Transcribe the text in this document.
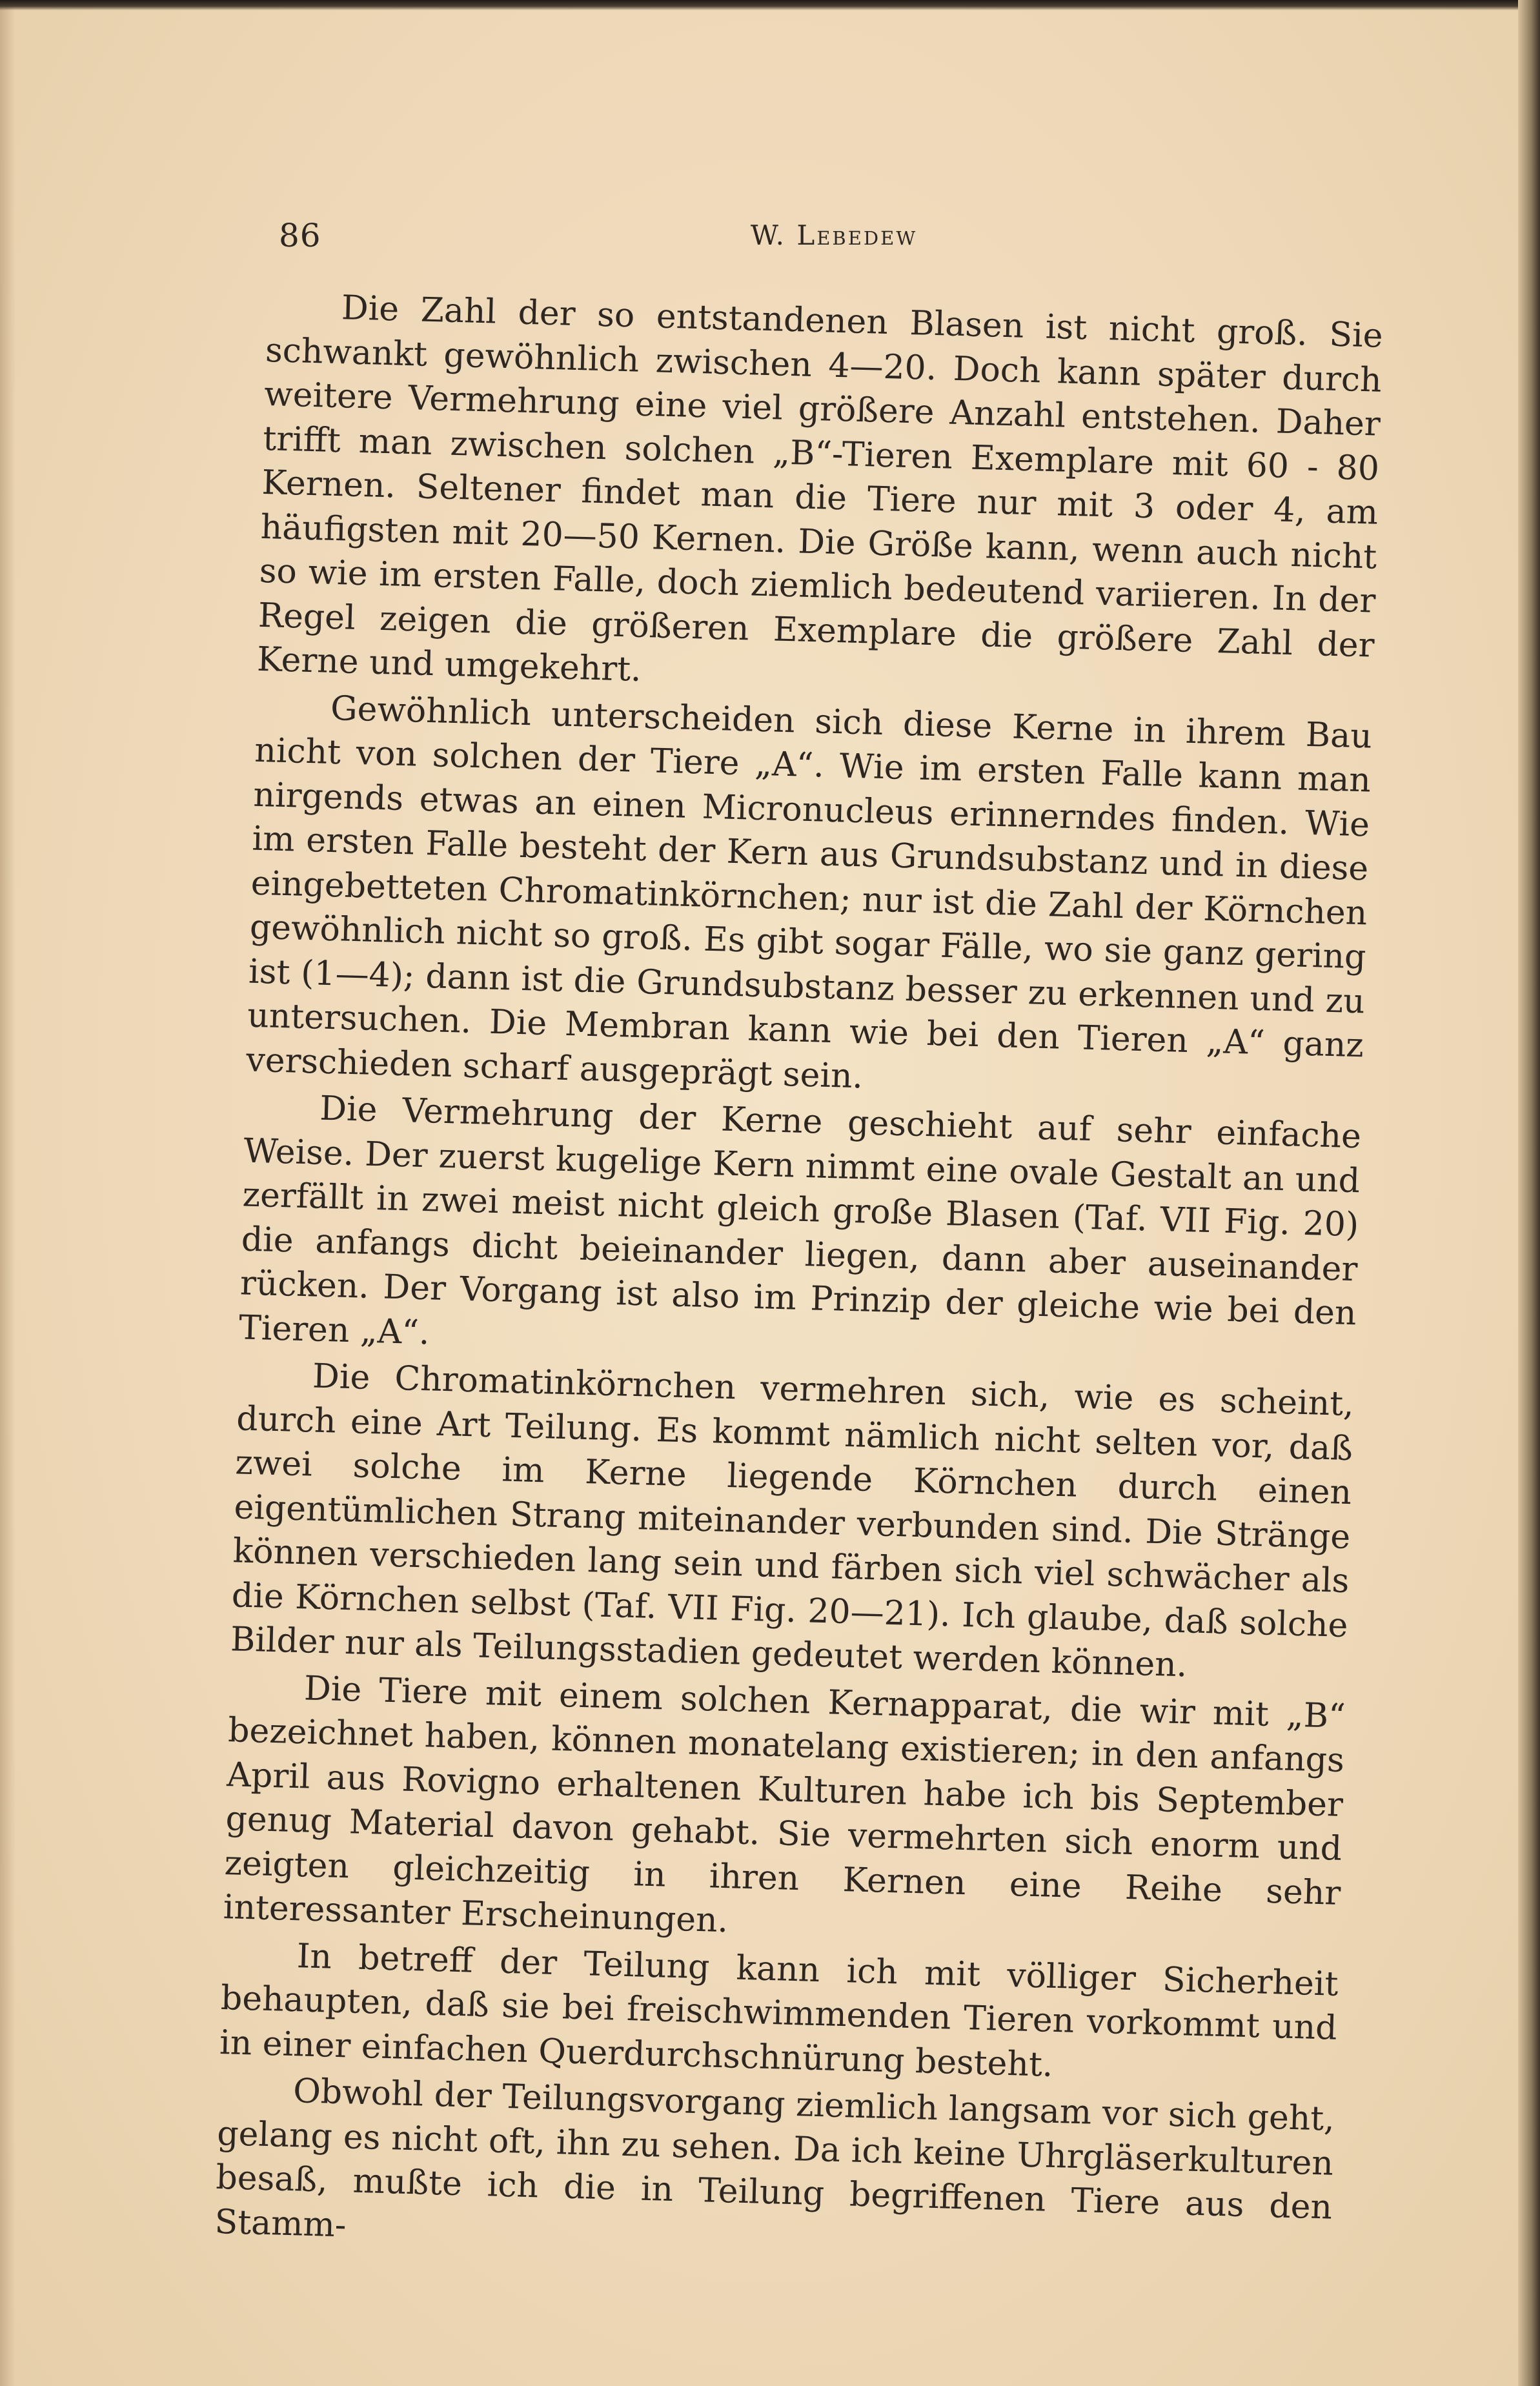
86	W. Lebedew

Die Zahl der so entstandenen Blasen ist nicht groß. Sie schwankt gewöhnlich zwischen 4—20. Doch kann später durch weitere Vermehrung eine viel größere Anzahl entstehen. Daher trifft man zwischen solchen „B“-Tieren Exemplare mit 60 - 80 Kernen. Seltener findet man die Tiere nur mit 3 oder 4, am häufigsten mit 20—50 Kernen. Die Größe kann, wenn auch nicht so wie im ersten Falle, doch ziemlich bedeutend variieren. In der Regel zeigen die größeren Exemplare die größere Zahl der Kerne und umgekehrt.

Gewöhnlich unterscheiden sich diese Kerne in ihrem Bau nicht von solchen der Tiere „A“. Wie im ersten Falle kann man nirgends etwas an einen Micronucleus erinnerndes finden. Wie im ersten Falle besteht der Kern aus Grundsubstanz und in diese eingebetteten Chromatinkörnchen; nur ist die Zahl der Körnchen gewöhnlich nicht so groß. Es gibt sogar Fälle, wo sie ganz gering ist (1—4); dann ist die Grundsubstanz besser zu erkennen und zu untersuchen. Die Membran kann wie bei den Tieren „A“ ganz verschieden scharf ausgeprägt sein.

Die Vermehrung der Kerne geschieht auf sehr einfache Weise. Der zuerst kugelige Kern nimmt eine ovale Gestalt an und zerfällt in zwei meist nicht gleich große Blasen (Taf. VII Fig. 20) die anfangs dicht beieinander liegen, dann aber auseinander rücken. Der Vorgang ist also im Prinzip der gleiche wie bei den Tieren „A“.

Die Chromatinkörnchen vermehren sich, wie es scheint, durch eine Art Teilung. Es kommt nämlich nicht selten vor, daß zwei solche im Kerne liegende Körnchen durch einen eigentümlichen Strang miteinander verbunden sind. Die Stränge können verschieden lang sein und färben sich viel schwächer als die Körnchen selbst (Taf. VII Fig. 20—21). Ich glaube, daß solche Bilder nur als Teilungsstadien gedeutet werden können.

Die Tiere mit einem solchen Kernapparat, die wir mit „B“ bezeichnet haben, können monatelang existieren; in den anfangs April aus Rovigno erhaltenen Kulturen habe ich bis September genug Material davon gehabt. Sie vermehrten sich enorm und zeigten gleichzeitig in ihren Kernen eine Reihe sehr interessanter Erscheinungen.

In betreff der Teilung kann ich mit völliger Sicherheit behaupten, daß sie bei freischwimmenden Tieren vorkommt und in einer einfachen Querdurchschnürung besteht.

Obwohl der Teilungsvorgang ziemlich langsam vor sich geht, gelang es nicht oft, ihn zu sehen. Da ich keine Uhrgläserkulturen besaß, mußte ich die in Teilung begriffenen Tiere aus den Stamm-
